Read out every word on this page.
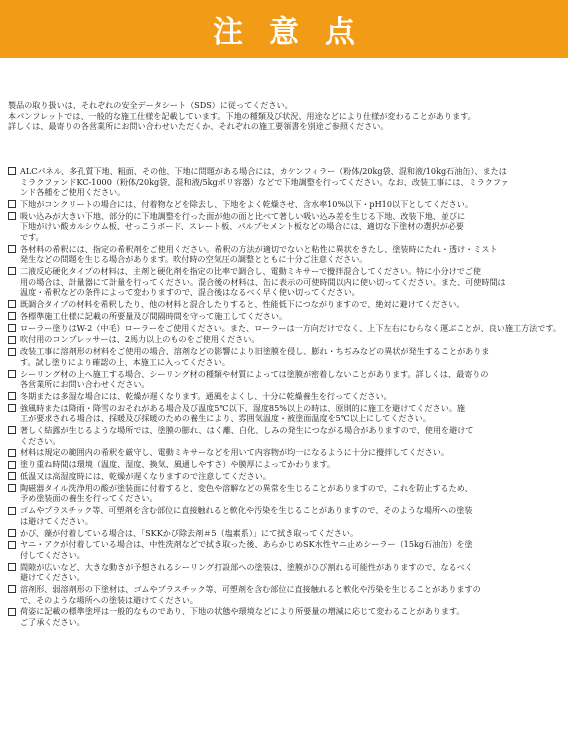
注意点

製品の取り扱いは、それぞれの安全データシート（SDS）に従ってください。
本パンフレットでは、一般的な施工仕様を記載しています。下地の種類及び状況、用途などにより仕様が変わることがあります。
詳しくは、最寄りの各営業所にお問い合わせいただくか、それぞれの施工要領書を別途ご参照ください。

ALCパネル、多孔質下地、粗面、その他、下地に問題がある場合には、カケンフィラー（粉体/20kg袋、混和液/10kg石油缶）、または
ミラクファンドKC-1000（粉体/20kg袋、混和液/5kgポリ容器）などで下地調整を行ってください。なお、改装工事には、ミラクファ
ンド各種をご使用ください。
下地がコンクリートの場合には、付着物などを除去し、下地をよく乾燥させ、含水率10%以下・pH10以下としてください。
吸い込みが大きい下地、部分的に下地調整を行った面が他の面と比べて著しい吸い込み差を生じる下地、改装下地、並びに
下地がけい酸カルシウム板、せっこうボード、スレート板、パルプセメント板などの場合には、適切な下塗材の選択が必要
です。
各材料の希釈には、指定の希釈剤をご使用ください。希釈の方法が適切でないと粘性に異状をきたし、塗装時にたれ・透け・ミスト
発生などの問題を生じる場合があります。吹付時の空気圧の調整とともに十分ご注意ください。
二液反応硬化タイプの材料は、主剤と硬化剤を指定の比率で調合し、電動ミキサーで攪拌混合してください。特に小分けでご使
用の場合は、計量器にて計量を行ってください。混合後の材料は、缶に表示の可使時間以内に使い切ってください。また、可使時間は
温度・希釈などの条件によって変わりますので、混合後はなるべく早く使い切ってください。
既調合タイプの材料を希釈したり、他の材料と混合したりすると、性能低下につながりますので、絶対に避けてください。
各標準施工仕様に記載の所要量及び間隔時間を守って施工してください。
ローラー塗りはW-2（中毛）ローラーをご使用ください。また、ローラーは一方向だけでなく、上下左右にむらなく運ぶことが、良い施工方法です。
吹付用のコンプレッサーは、2馬力以上のものをご使用ください。
改装工事に溶剤形の材料をご使用の場合、溶剤などの影響により旧塗膜を侵し、膨れ・ちぢみなどの異状が発生することがありま
す。試し塗りにより確認の上、本施工に入ってください。
シーリング材の上へ施工する場合、シーリング材の種類や材質によっては塗膜が密着しないことがあります。詳しくは、最寄りの
各営業所にお問い合わせください。
冬期または多湿な場合には、乾燥が遅くなります。通風をよくし、十分に乾燥養生を行ってください。
強風時または降雨・降雪のおそれがある場合及び温度5℃以下、湿度85%以上の時は、原則的に施工を避けてください。施
工が要求される場合は、採暖及び採暖のための養生により、雰囲気温度・被塗面温度を5℃以上にしてください。
著しく結露が生じるような場所では、塗膜の膨れ、はく離、白化、しみの発生につながる場合がありますので、使用を避けて
ください。
材料は規定の範囲内の希釈を厳守し、電動ミキサーなどを用いて内容物が均一になるように十分に攪拌してください。
塗り重ね時間は環境（温度、湿度、換気、風通しやすさ）や膜厚によってかわります。
低温又は高湿度時には、乾燥が遅くなりますので注意してください。
陶磁器タイル洗浄用の酸が塗装面に付着すると、変色や溶解などの異常を生じることがありますので、これを防止するため、
予め塗装面の養生を行ってください。
ゴムやプラスチック等、可塑剤を含む部位に直接触れると軟化や汚染を生じることがありますので、そのような場所への塗装
は避けてください。
かび、藻が付着している場合は、「SKKかび除去剤＃5（塩素系）」にて拭き取ってください。
ヤニ・アクが付着している場合は、中性洗剤などで拭き取った後、あらかじめSK水性ヤニ止めシーラー（15kg石油缶）を塗
付してください。
間隙が広いなど、大きな動きが予想されるシーリング打設部への塗装は、塗膜がひび割れる可能性がありますので、なるべく
避けてください。
溶剤形、弱溶剤形の下塗材は、ゴムやプラスチック等、可塑剤を含む部位に直接触れると軟化や汚染を生じることがありますの
で、そのような場所への塗装は避けてください。
荷姿に記載の標準塗坪は一般的なものであり、下地の状態や環境などにより所要量の増減に応じて変わることがあります。
ご了承ください。
